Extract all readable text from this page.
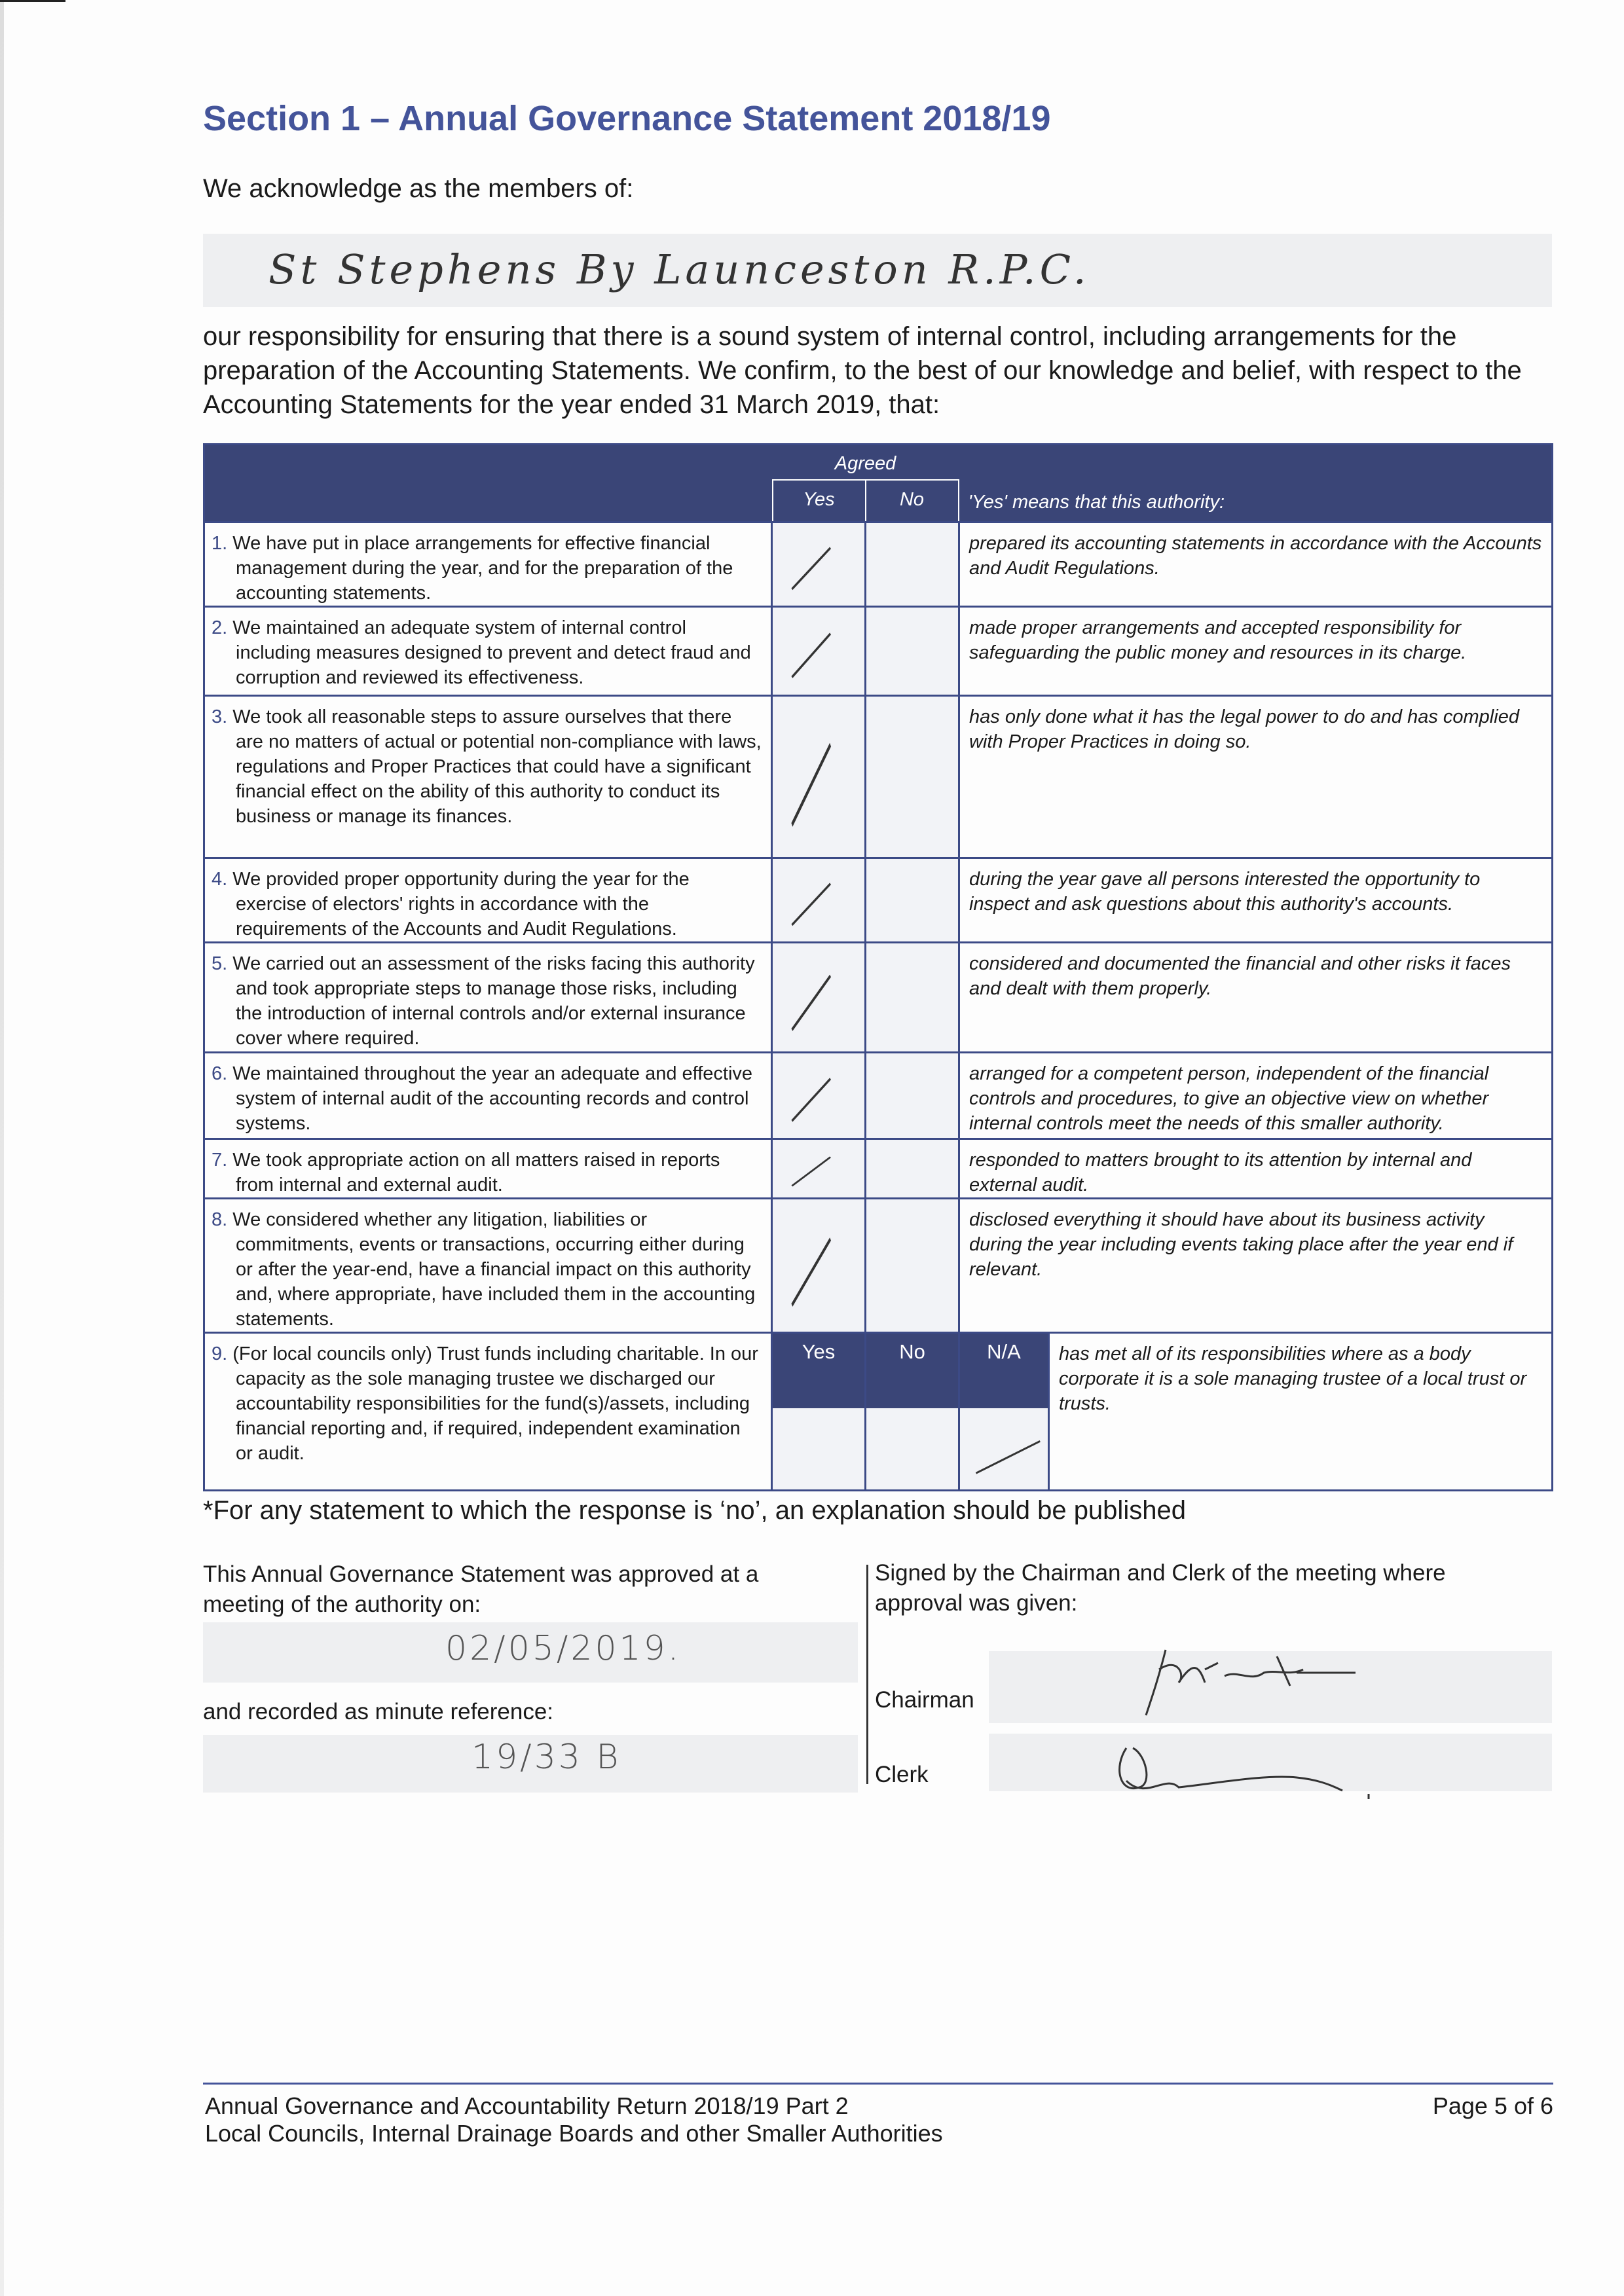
Section 1 – Annual Governance Statement 2018/19
We acknowledge as the members of:
St Stephens By Launceston R.P.C.
our responsibility for ensuring that there is a sound system of internal control, including arrangements for the preparation of the Accounting Statements. We confirm, to the best of our knowledge and belief, with respect to the Accounting Statements for the year ended 31 March 2019, that:

	Agreed
Yes No		'Yes' means that this authority:	

1. We have put in place arrangements for effective financial management during the year, and for the preparation of the accounting statements.			prepared its accounting statements in accordance with the Accounts and Audit Regulations.	

2. We maintained an adequate system of internal control including measures designed to prevent and detect fraud and corruption and reviewed its effectiveness.			made proper arrangements and accepted responsibility for safeguarding the public money and resources in its charge.	

3. We took all reasonable steps to assure ourselves that there are no matters of actual or potential non-compliance with laws, regulations and Proper Practices that could have a significant financial effect on the ability of this authority to conduct its business or manage its finances.			has only done what it has the legal power to do and has complied with Proper Practices in doing so.	

4. We provided proper opportunity during the year for the exercise of electors' rights in accordance with the requirements of the Accounts and Audit Regulations.			during the year gave all persons interested the opportunity to inspect and ask questions about this authority's accounts.	

5. We carried out an assessment of the risks facing this authority and took appropriate steps to manage those risks, including the introduction of internal controls and/or external insurance cover where required.			considered and documented the financial and other risks it faces and dealt with them properly.	

6. We maintained throughout the year an adequate and effective system of internal audit of the accounting records and control systems.			arranged for a competent person, independent of the financial controls and procedures, to give an objective view on whether internal controls meet the needs of this smaller authority.	

7. We took appropriate action on all matters raised in reports from internal and external audit.			responded to matters brought to its attention by internal and external audit.	

8. We considered whether any litigation, liabilities or commitments, events or transactions, occurring either during or after the year-end, have a financial impact on this authority and, where appropriate, have included them in the accounting statements.			disclosed everything it should have about its business activity during the year including events taking place after the year end if relevant.	

9. (For local councils only) Trust funds including charitable. In our capacity as the sole managing trustee we discharged our accountability responsibilities for the fund(s)/assets, including financial reporting and, if required, independent examination or audit.	Yes	No	N/A	has met all of its responsibilities where as a body corporate it is a sole managing trustee of a local trust or trusts.
*For any statement to which the response is ‘no’, an explanation should be published
This Annual Governance Statement was approved at a meeting of the authority on:
02/05/2019.
and recorded as minute reference:
19/33 B
Signed by the Chairman and Clerk of the meeting where approval was given:
Chairman
Clerk
Annual Governance and Accountability Return 2018/19 Part 2
Local Councils, Internal Drainage Boards and other Smaller Authorities
Page 5 of 6
